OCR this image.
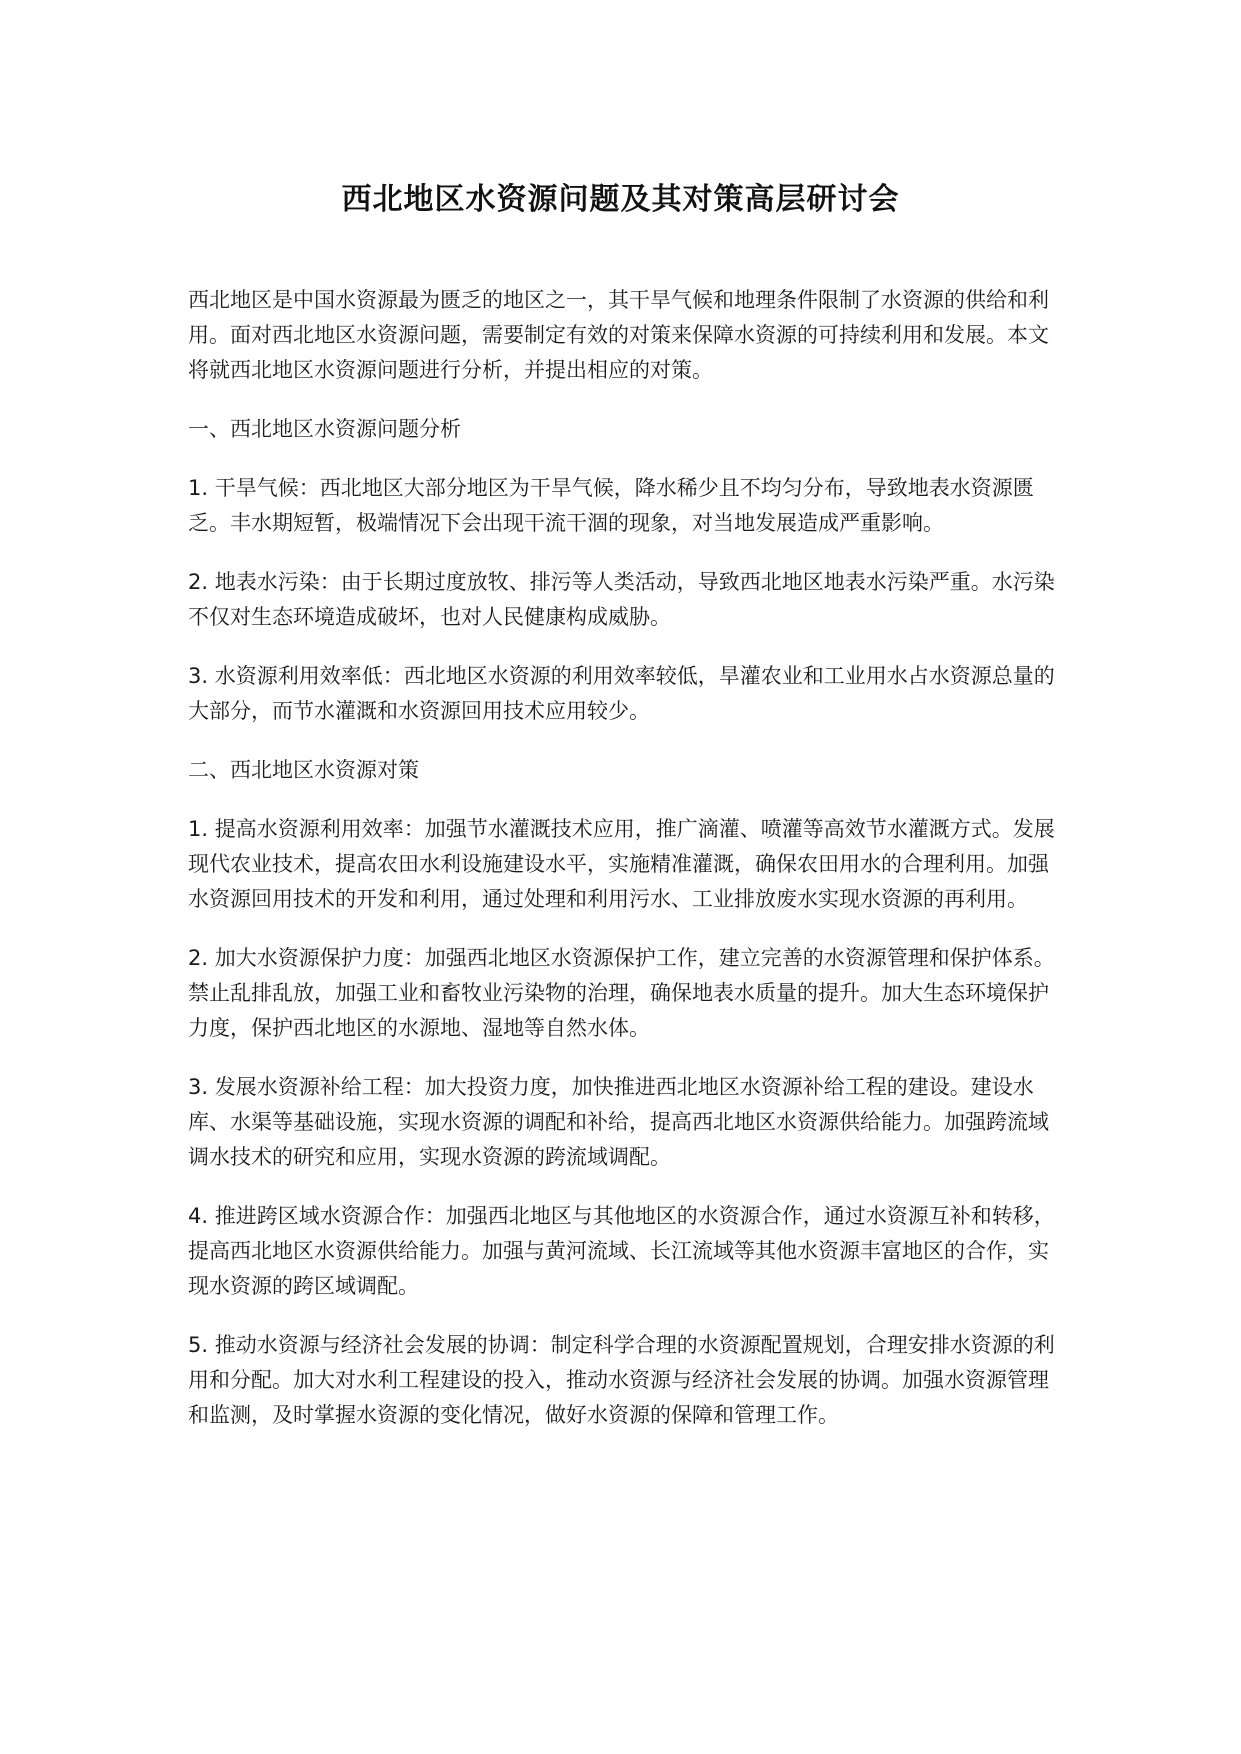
西北地区水资源问题及其对策高层研讨会

西北地区是中国水资源最为匮乏的地区之一，其干旱气候和地理条件限制了水资源的供给和利用。面对西北地区水资源问题，需要制定有效的对策来保障水资源的可持续利用和发展。本文将就西北地区水资源问题进行分析，并提出相应的对策。

一、西北地区水资源问题分析

1. 干旱气候：西北地区大部分地区为干旱气候，降水稀少且不均匀分布，导致地表水资源匮乏。丰水期短暂，极端情况下会出现干流干涸的现象，对当地发展造成严重影响。

2. 地表水污染：由于长期过度放牧、排污等人类活动，导致西北地区地表水污染严重。水污染不仅对生态环境造成破坏，也对人民健康构成威胁。

3. 水资源利用效率低：西北地区水资源的利用效率较低，旱灌农业和工业用水占水资源总量的大部分，而节水灌溉和水资源回用技术应用较少。

二、西北地区水资源对策

1. 提高水资源利用效率：加强节水灌溉技术应用，推广滴灌、喷灌等高效节水灌溉方式。发展现代农业技术，提高农田水利设施建设水平，实施精准灌溉，确保农田用水的合理利用。加强水资源回用技术的开发和利用，通过处理和利用污水、工业排放废水实现水资源的再利用。

2. 加大水资源保护力度：加强西北地区水资源保护工作，建立完善的水资源管理和保护体系。禁止乱排乱放，加强工业和畜牧业污染物的治理，确保地表水质量的提升。加大生态环境保护力度，保护西北地区的水源地、湿地等自然水体。

3. 发展水资源补给工程：加大投资力度，加快推进西北地区水资源补给工程的建设。建设水库、水渠等基础设施，实现水资源的调配和补给，提高西北地区水资源供给能力。加强跨流域调水技术的研究和应用，实现水资源的跨流域调配。

4. 推进跨区域水资源合作：加强西北地区与其他地区的水资源合作，通过水资源互补和转移，提高西北地区水资源供给能力。加强与黄河流域、长江流域等其他水资源丰富地区的合作，实现水资源的跨区域调配。

5. 推动水资源与经济社会发展的协调：制定科学合理的水资源配置规划，合理安排水资源的利用和分配。加大对水利工程建设的投入，推动水资源与经济社会发展的协调。加强水资源管理和监测，及时掌握水资源的变化情况，做好水资源的保障和管理工作。
